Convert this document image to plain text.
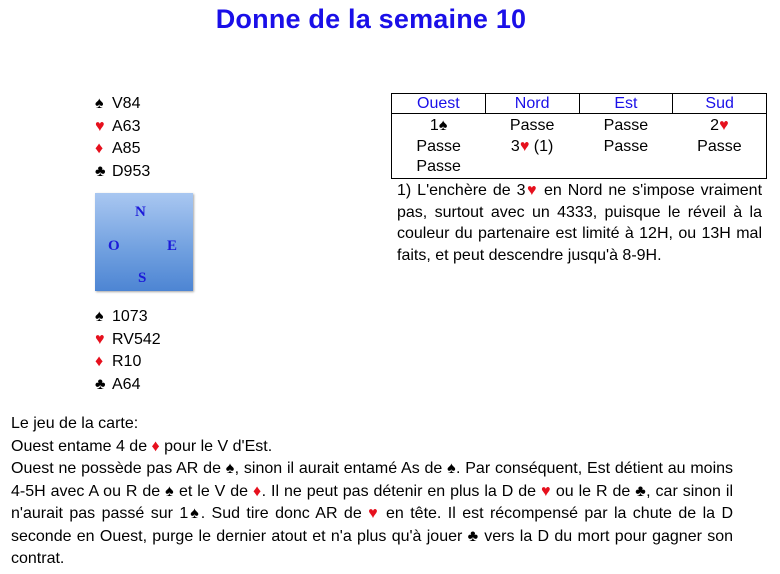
Donne de la semaine 10
♠ V84
♥ A63
♦ A85
♣ D953
N
O	E
S
♠ 1073
♥ RV542
♦ R10
♣ A64
Ouest	Nord	Est	Sud
1♠	Passe	Passe	2♥
Passe	3♥ (1)	Passe	Passe
Passe			
1) L'enchère de 3♥ en Nord ne s'impose vraiment pas, surtout avec un 4333, puisque le réveil à la couleur du partenaire est limité à 12H, ou 13H mal faits, et peut descendre jusqu'à 8-9H.

Le jeu de la carte:

Ouest entame 4 de ♦ pour le V d'Est.

Ouest ne possède pas AR de ♠, sinon il aurait entamé As de ♠. Par conséquent, Est détient au moins 4-5H avec A ou R de ♠ et le V de ♦. Il ne peut pas détenir en plus la D de ♥ ou le R de ♣, car sinon il n'aurait pas passé sur 1♠. Sud tire donc AR de ♥ en tête. Il est récompensé par la chute de la D seconde en Ouest, purge le dernier atout et n'a plus qu'à jouer ♣ vers la D du mort pour gagner son contrat.
